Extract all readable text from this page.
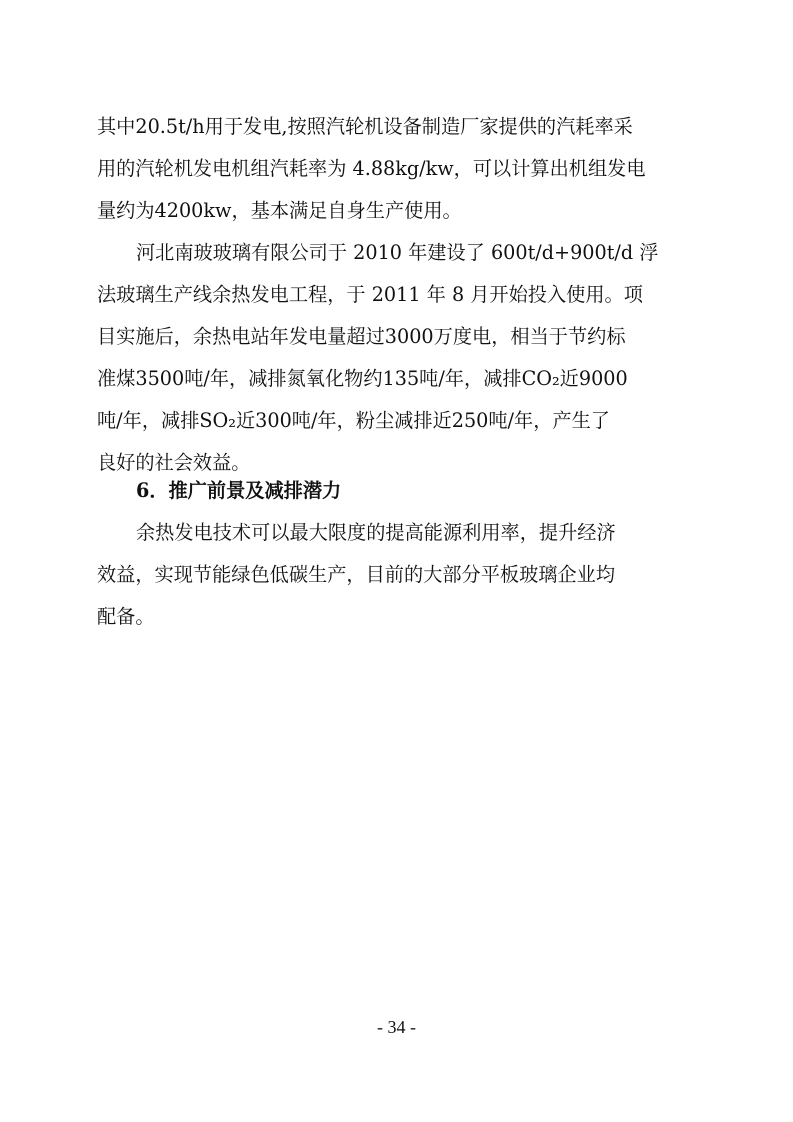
其中20.5t/h用于发电,按照汽轮机设备制造厂家提供的汽耗率采
用的汽轮机发电机组汽耗率为 4.88kg/kw，可以计算出机组发电
量约为4200kw，基本满足自身生产使用。
河北南玻玻璃有限公司于 2010 年建设了 600t/d+900t/d 浮
法玻璃生产线余热发电工程，于 2011 年 8 月开始投入使用。项
目实施后，余热电站年发电量超过3000万度电，相当于节约标
准煤3500吨/年，减排氮氧化物约135吨/年，减排CO₂近9000
吨/年，减排SO₂近300吨/年，粉尘减排近250吨/年，产生了
良好的社会效益。
6．推广前景及减排潜力
余热发电技术可以最大限度的提高能源利用率，提升经济
效益，实现节能绿色低碳生产，目前的大部分平板玻璃企业均
配备。
- 34 -
